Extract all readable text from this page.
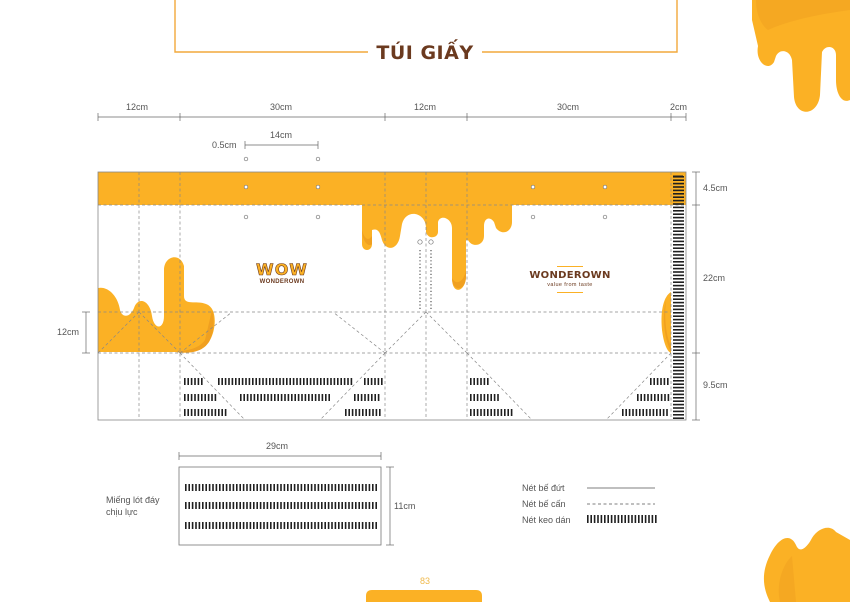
TÚI GIẤY
12cm	30cm	12cm	30cm	2cm
14cm
0.5cm
4.5cm
22cm
9.5cm
12cm
WOW
WONDEROWN
WONDEROWN
value from taste
29cm
11cm
Miếng lót đáy
chịu lực
Nét bế đứt
Nét bế cấn
Nét keo dán
83
